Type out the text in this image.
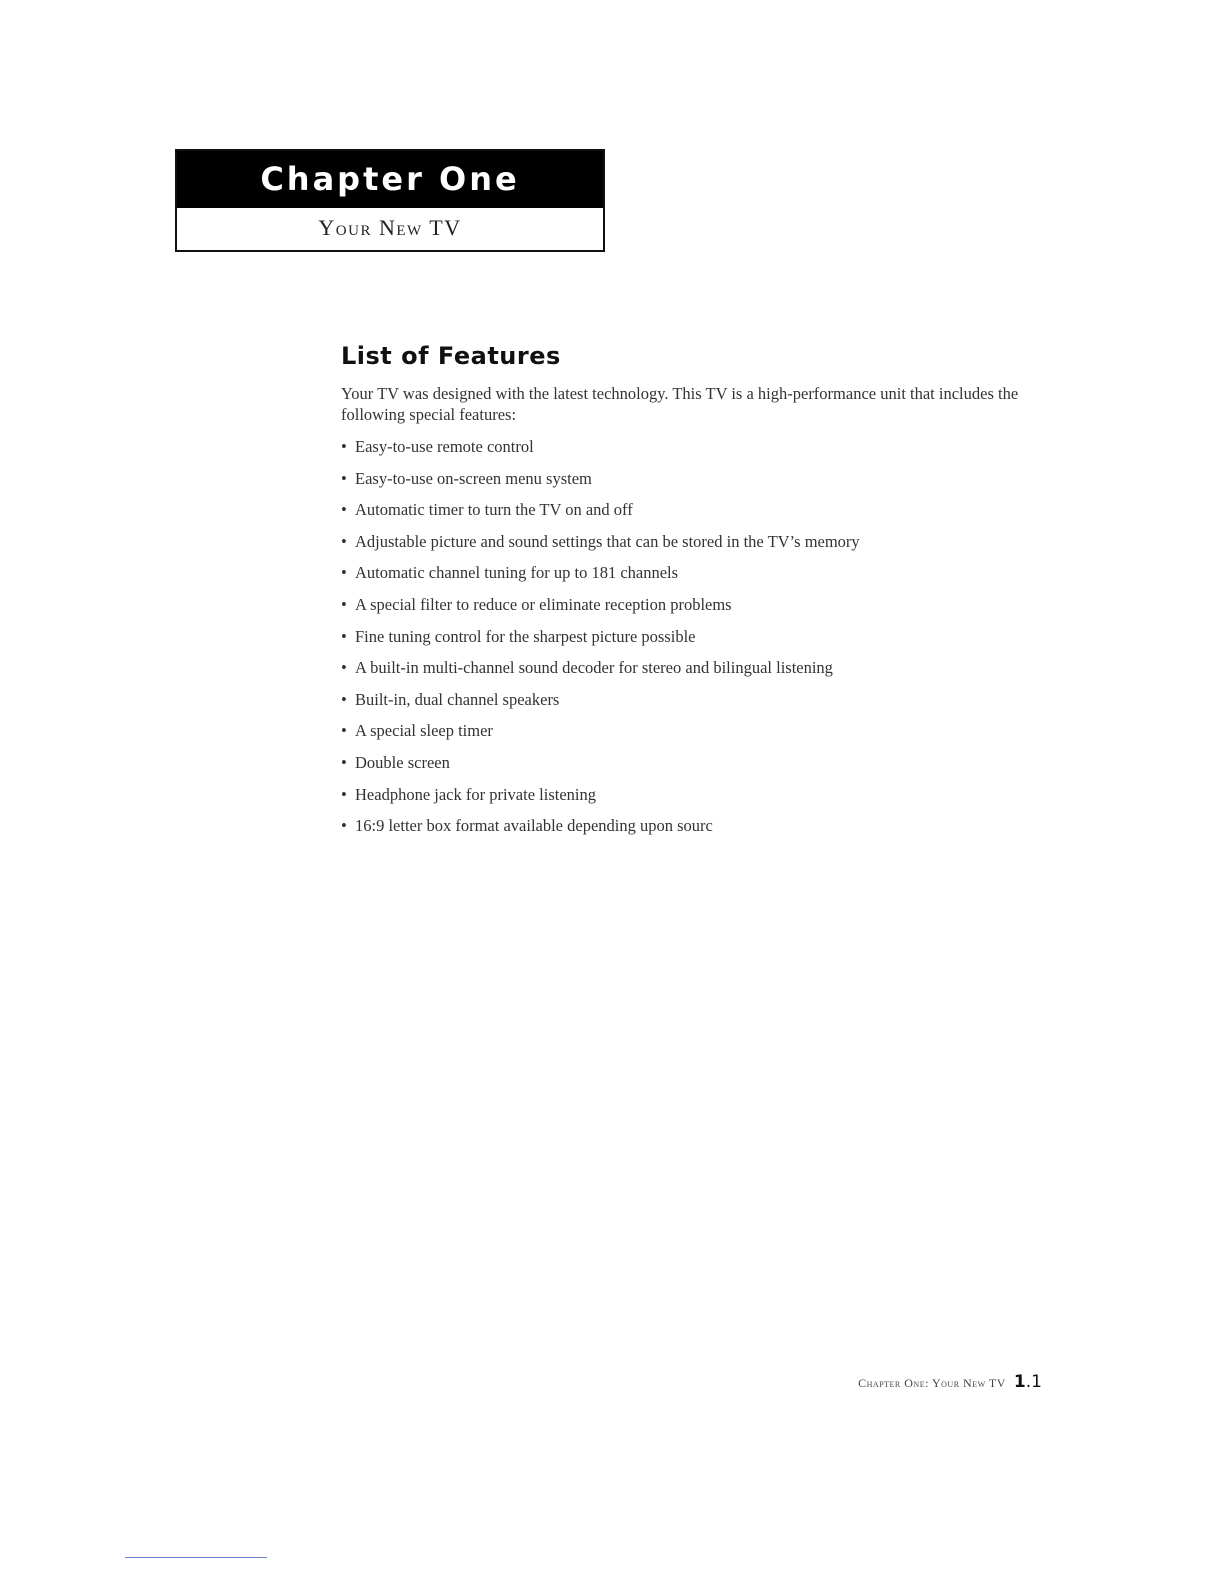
Chapter One
Your New TV
List of Features

Your TV was designed with the latest technology. This TV is a high-performance unit that includes the following special features:

• Easy-to-use remote control
• Easy-to-use on-screen menu system
• Automatic timer to turn the TV on and off
• Adjustable picture and sound settings that can be stored in the TV’s memory
• Automatic channel tuning for up to 181 channels
• A special filter to reduce or eliminate reception problems
• Fine tuning control for the sharpest picture possible
• A built-in multi-channel sound decoder for stereo and bilingual listening
• Built-in, dual channel speakers
• A special sleep timer
• Double screen
• Headphone jack for private listening
• 16:9 letter box format available depending upon sourc
Chapter One: Your New TV 1.1
